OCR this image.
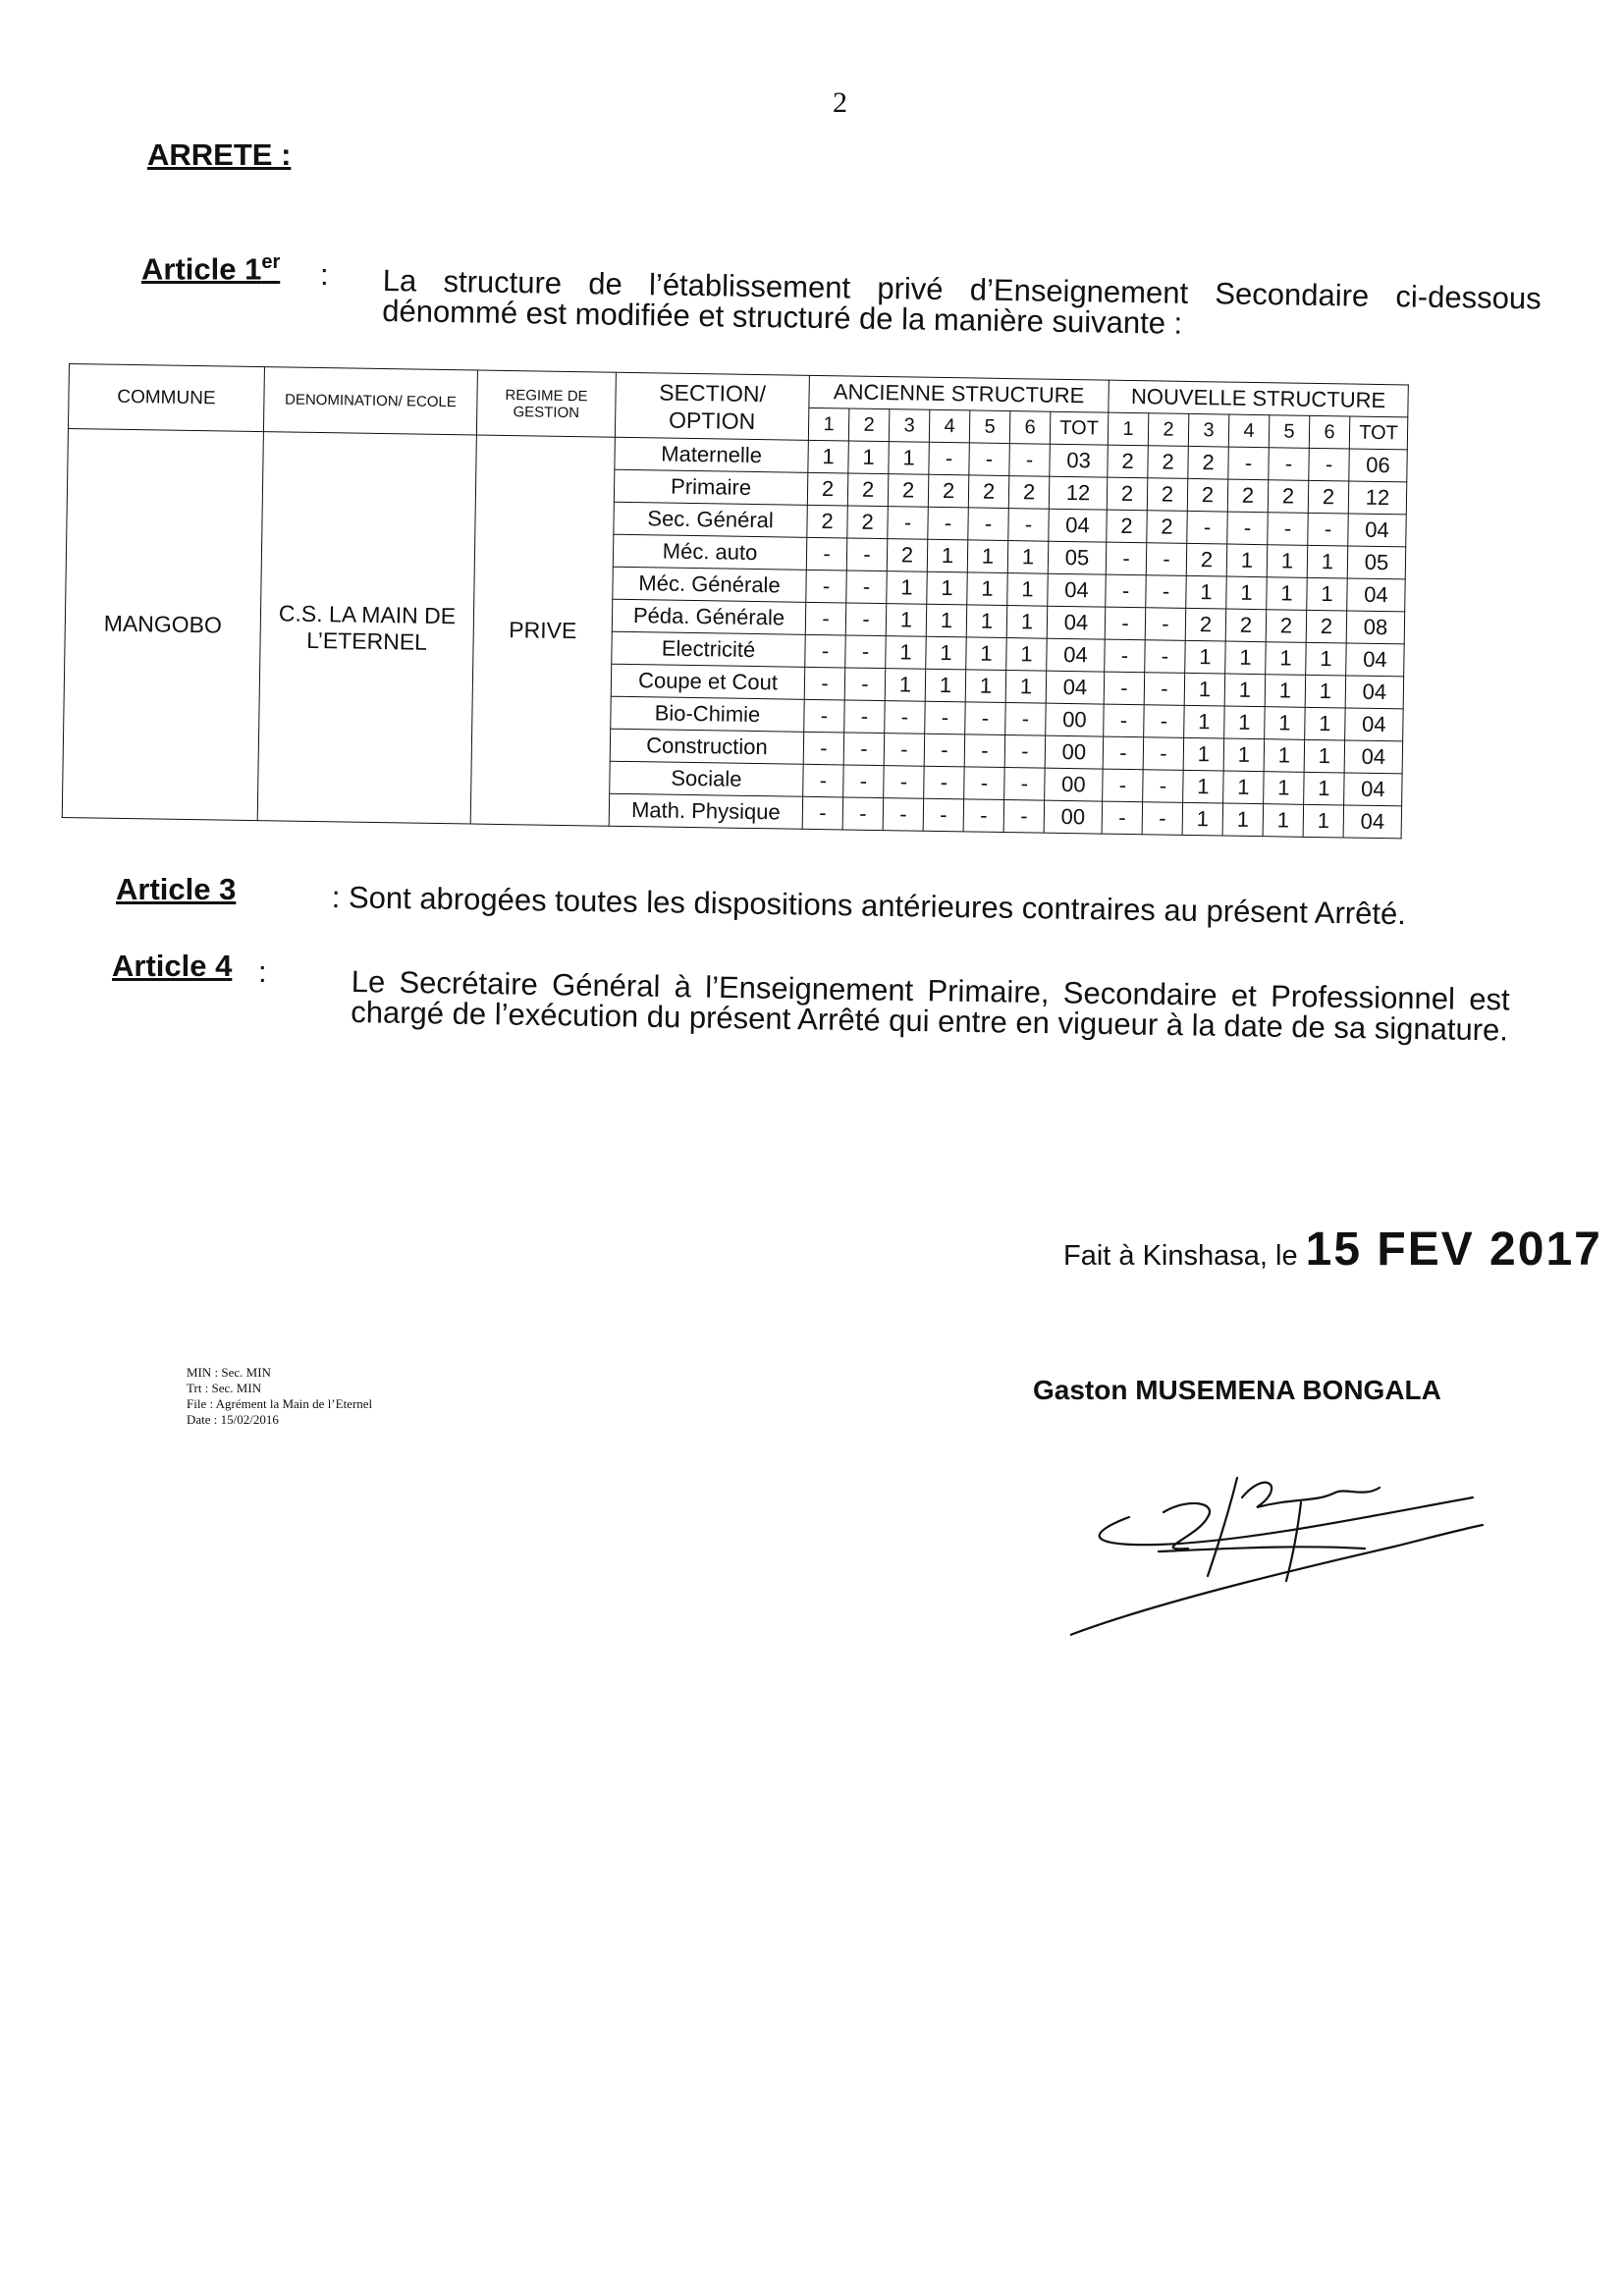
2
ARRETE :
Article 1er : La structure de l’établissement privé d’Enseignement Secondaire ci-dessous dénommé est modifiée et structuré de la manière suivante :
COMMUNE	DENOMINATION/ ECOLE	REGIME DE GESTION	SECTION/ OPTION	ANCIENNE STRUCTURE							NOUVELLE STRUCTURE						
				1	2	3	4	5	6	TOT	1	2	3	4	5	6	TOT
MANGOBO	C.S. LA MAIN DE L’ETERNEL	PRIVE	Maternelle	1	1	1	-	-	-	03	2	2	2	-	-	-	06
			Primaire	2	2	2	2	2	2	12	2	2	2	2	2	2	12
			Sec. Général	2	2	-	-	-	-	04	2	2	-	-	-	-	04
			Méc. auto	-	-	2	1	1	1	05	-	-	2	1	1	1	05
			Méc. Générale	-	-	1	1	1	1	04	-	-	1	1	1	1	04
			Péda. Générale	-	-	1	1	1	1	04	-	-	2	2	2	2	08
			Electricité	-	-	1	1	1	1	04	-	-	1	1	1	1	04
			Coupe et Cout	-	-	1	1	1	1	04	-	-	1	1	1	1	04
			Bio-Chimie	-	-	-	-	-	-	00	-	-	1	1	1	1	04
			Construction	-	-	-	-	-	-	00	-	-	1	1	1	1	04
			Sociale	-	-	-	-	-	-	00	-	-	1	1	1	1	04
			Math. Physique	-	-	-	-	-	-	00	-	-	1	1	1	1	04
Article 3	: Sont abrogées toutes les dispositions antérieures contraires au présent Arrêté.
Article 4 :	Le Secrétaire Général à l’Enseignement Primaire, Secondaire et Professionnel est chargé de l’exécution du présent Arrêté qui entre en vigueur à la date de sa signature.
Fait à Kinshasa, le 15 FEV 2017
Gaston MUSEMENA BONGALA
MIN : Sec. MIN
Trt : Sec. MIN
File : Agrément la Main de l’Eternel
Date : 15/02/2016
